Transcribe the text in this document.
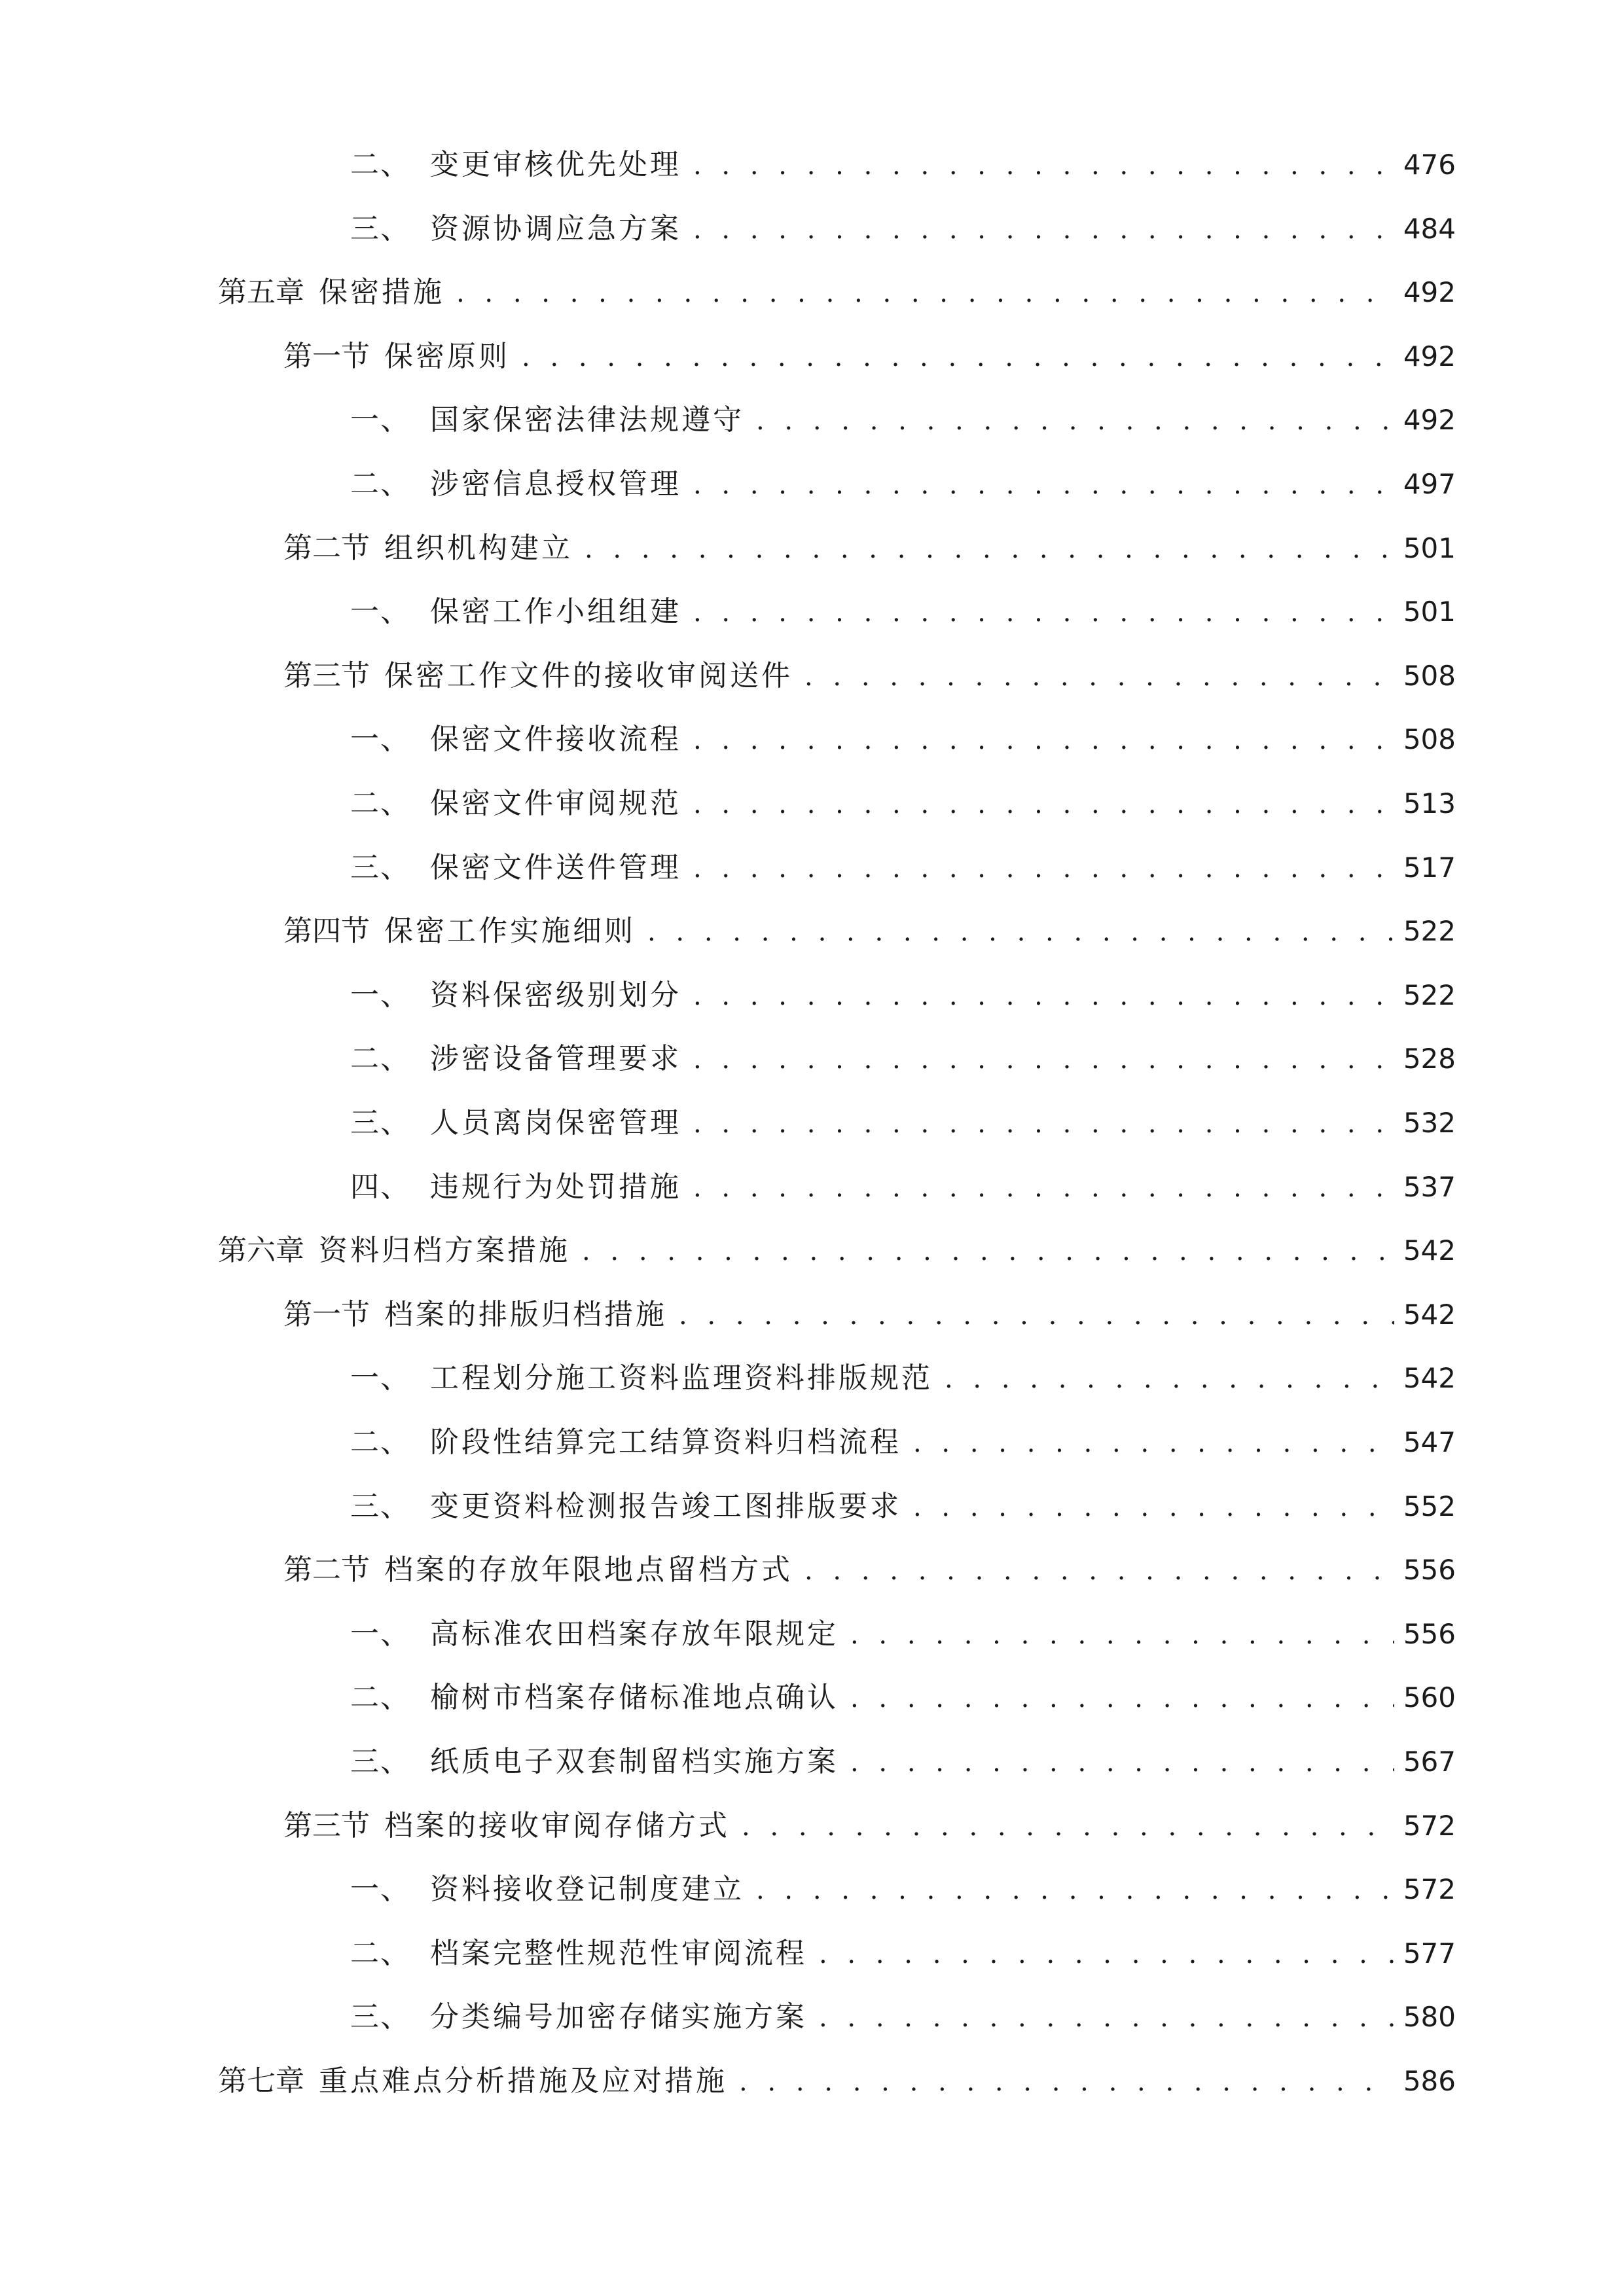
二、 变更审核优先处理 . . .	476
三、 资源协调应急方案 . . .	484
第五章 保密措施 . . .	492
第一节 保密原则 . . .	492
一、 国家保密法律法规遵守 . . .	492
二、 涉密信息授权管理 . . .	497
第二节 组织机构建立 . . .	501
一、 保密工作小组组建 . . .	501
第三节 保密工作文件的接收审阅送件 . . .	508
一、 保密文件接收流程 . . .	508
二、 保密文件审阅规范 . . .	513
三、 保密文件送件管理 . . .	517
第四节 保密工作实施细则 . . .	522
一、 资料保密级别划分 . . .	522
二、 涉密设备管理要求 . . .	528
三、 人员离岗保密管理 . . .	532
四、 违规行为处罚措施 . . .	537
第六章 资料归档方案措施 . . .	542
第一节 档案的排版归档措施 . . .	542
一、 工程划分施工资料监理资料排版规范 . . .	542
二、 阶段性结算完工结算资料归档流程 . . .	547
三、 变更资料检测报告竣工图排版要求 . . .	552
第二节 档案的存放年限地点留档方式 . . .	556
一、 高标准农田档案存放年限规定 . . .	556
二、 榆树市档案存储标准地点确认 . . .	560
三、 纸质电子双套制留档实施方案 . . .	567
第三节 档案的接收审阅存储方式 . . .	572
一、 资料接收登记制度建立 . . .	572
二、 档案完整性规范性审阅流程 . . .	577
三、 分类编号加密存储实施方案 . . .	580
第七章 重点难点分析措施及应对措施 . . .	586
